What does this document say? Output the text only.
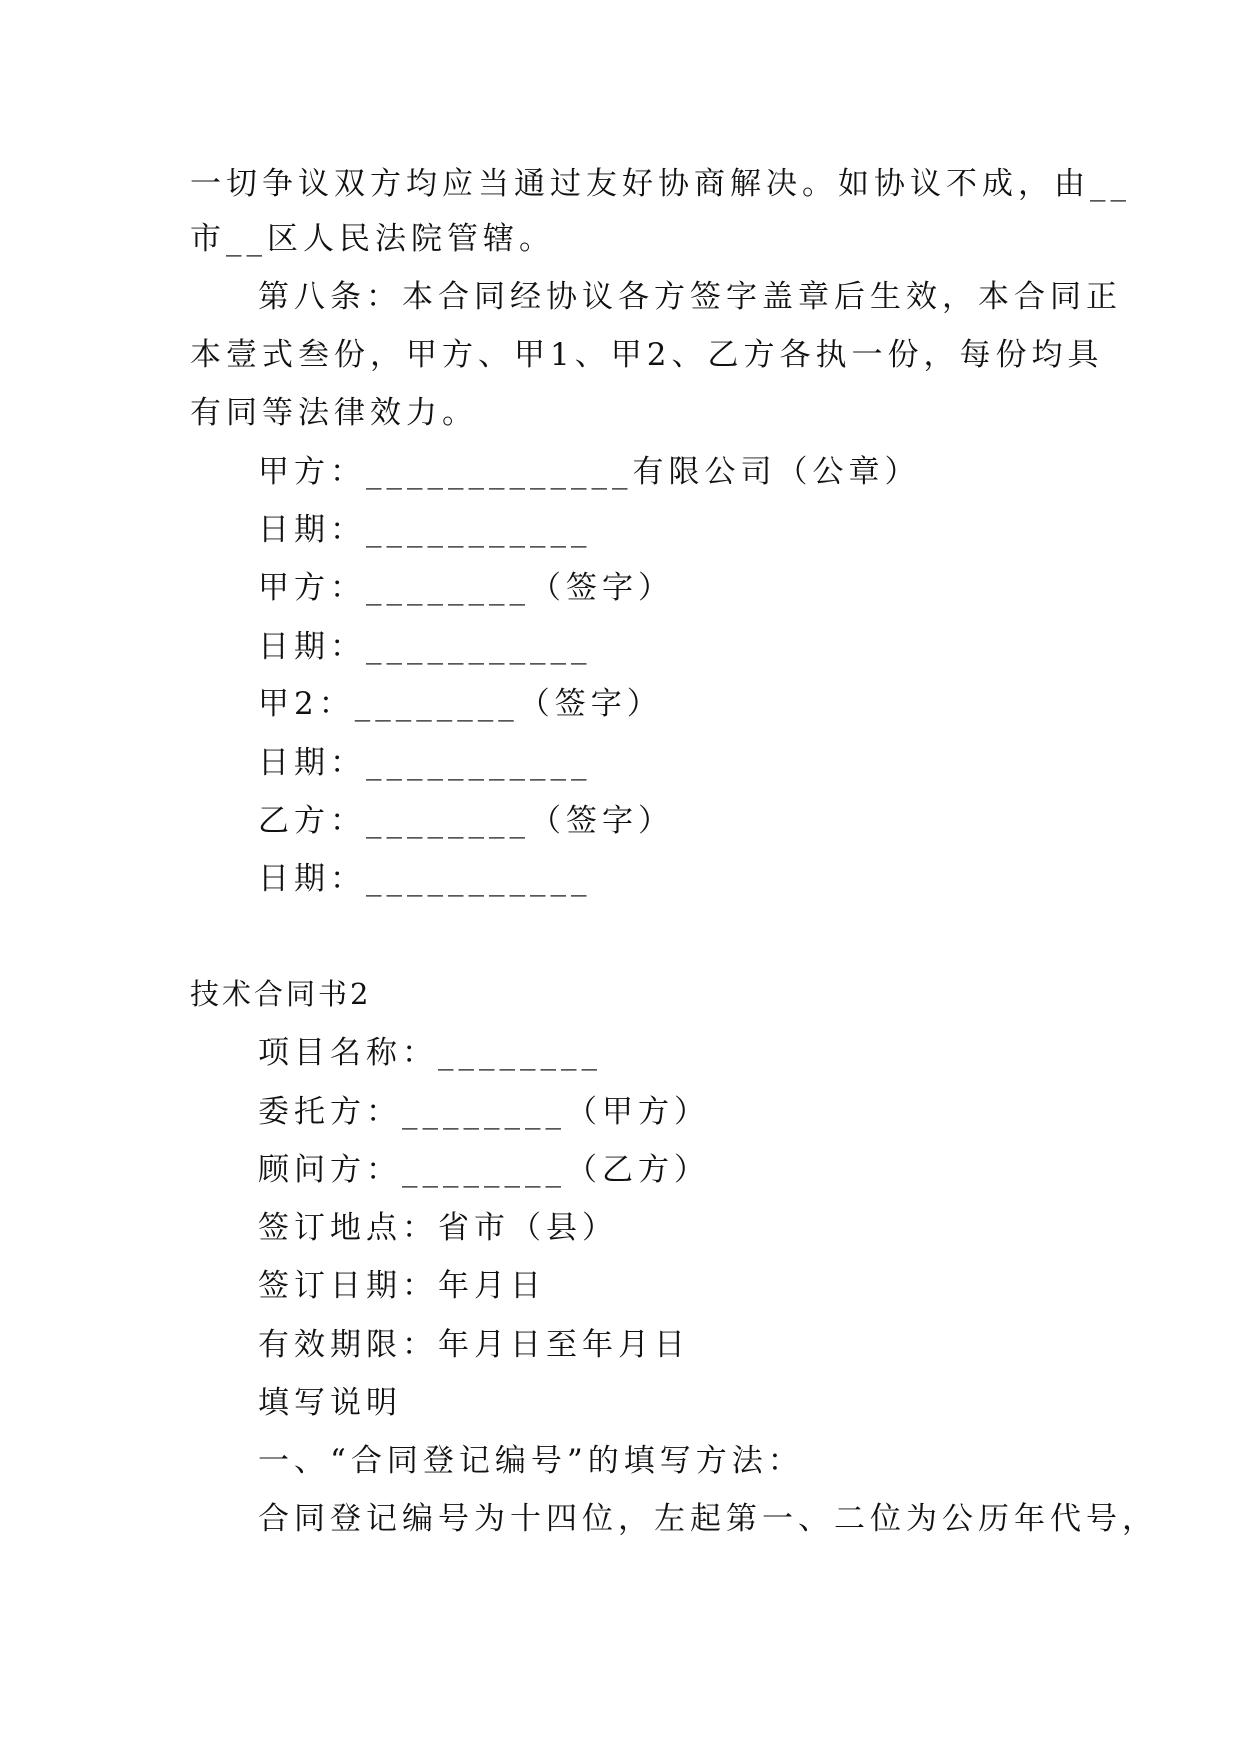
一切争议双方均应当通过友好协商解决。如协议不成，由__

市__区人民法院管辖。

第八条：本合同经协议各方签字盖章后生效，本合同正

本壹式叁份，甲方、甲1、甲2、乙方各执一份，每份均具

有同等法律效力。

甲方：_____________有限公司（公章）

日期：___________

甲方：________（签字）

日期：___________

甲2：________（签字）

日期：___________

乙方：________（签字）

日期：___________

技术合同书2

项目名称：________

委托方：________（甲方）

顾问方：________（乙方）

签订地点：省市（县）

签订日期：年月日

有效期限：年月日至年月日

填写说明

一、“合同登记编号”的填写方法：

合同登记编号为十四位，左起第一、二位为公历年代号，
